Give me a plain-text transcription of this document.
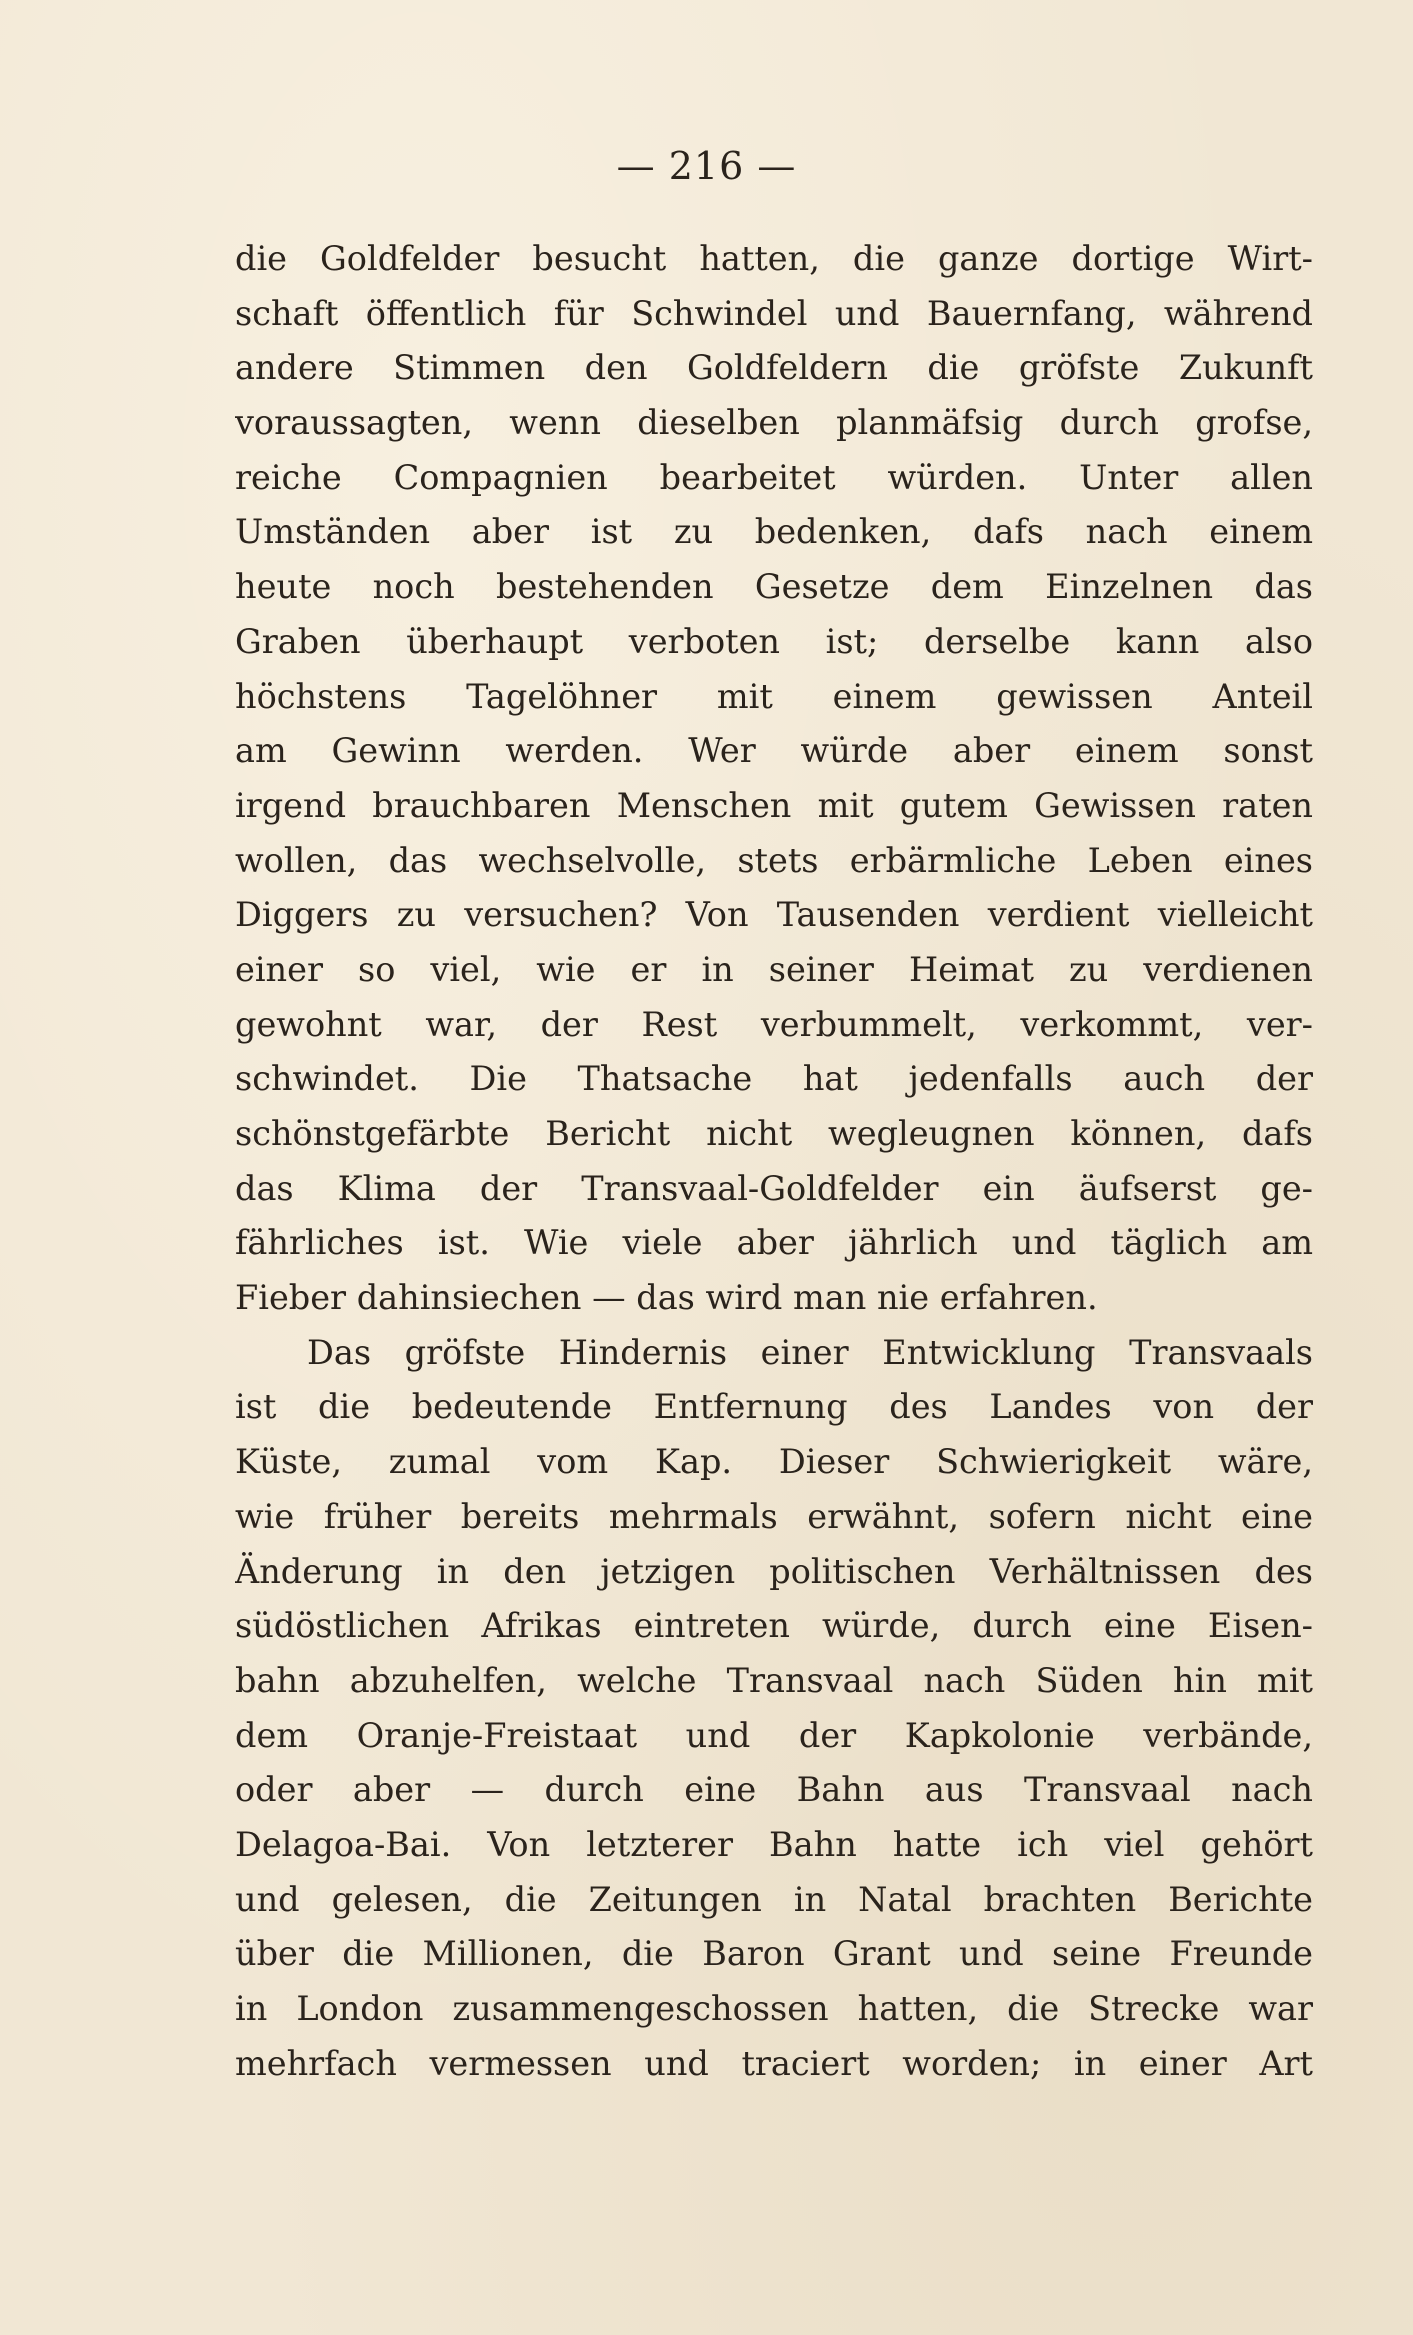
— 216 —
die Goldfelder besucht hatten, die ganze dortige Wirt-
schaft öffentlich für Schwindel und Bauernfang, während
andere Stimmen den Goldfeldern die gröfste Zukunft
voraussagten, wenn dieselben planmäfsig durch grofse,
reiche Compagnien bearbeitet würden. Unter allen
Umständen aber ist zu bedenken, dafs nach einem
heute noch bestehenden Gesetze dem Einzelnen das
Graben überhaupt verboten ist; derselbe kann also
höchstens Tagelöhner mit einem gewissen Anteil
am Gewinn werden. Wer würde aber einem sonst
irgend brauchbaren Menschen mit gutem Gewissen raten
wollen, das wechselvolle, stets erbärmliche Leben eines
Diggers zu versuchen? Von Tausenden verdient vielleicht
einer so viel, wie er in seiner Heimat zu verdienen
gewohnt war, der Rest verbummelt, verkommt, ver-
schwindet. Die Thatsache hat jedenfalls auch der
schönstgefärbte Bericht nicht wegleugnen können, dafs
das Klima der Transvaal-Goldfelder ein äufserst ge-
fährliches ist. Wie viele aber jährlich und täglich am
Fieber dahinsiechen — das wird man nie erfahren.
Das gröfste Hindernis einer Entwicklung Transvaals
ist die bedeutende Entfernung des Landes von der
Küste, zumal vom Kap. Dieser Schwierigkeit wäre,
wie früher bereits mehrmals erwähnt, sofern nicht eine
Änderung in den jetzigen politischen Verhältnissen des
südöstlichen Afrikas eintreten würde, durch eine Eisen-
bahn abzuhelfen, welche Transvaal nach Süden hin mit
dem Oranje-Freistaat und der Kapkolonie verbände,
oder aber — durch eine Bahn aus Transvaal nach
Delagoa-Bai. Von letzterer Bahn hatte ich viel gehört
und gelesen, die Zeitungen in Natal brachten Berichte
über die Millionen, die Baron Grant und seine Freunde
in London zusammengeschossen hatten, die Strecke war
mehrfach vermessen und traciert worden; in einer Art
